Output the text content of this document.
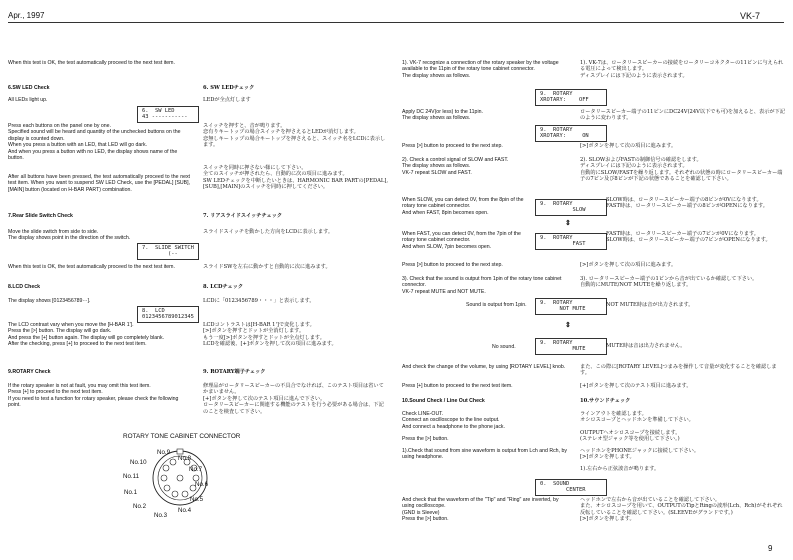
Apr., 1997	VK-7
When this test is OK, the test automatically proceed to the next test item.
6.SW LED Check	6. SW LEDチェック
All LEDs light up.	LEDが全点灯します
6.  SW LED
43 -----------
Press each buttons on the panel one by one.
Specified sound will be heard and quantity of the unchecked buttons on the display is counted down.
When you press a button with an LED, that LED will go dark.
And when you press a button with no LED, the display shows name of the button.
スイッチを押すと、音が鳴ります。
恋有りキートップの場合スイッチを押さえるとLEDが消灯します。
恋無しキートップの場合キートップを押さえると、スイッチ名をLCDに表示します。
After all buttons have been pressed, the test automatically proceed to the next test item. When you want to suspend SW LED Check, use the [PEDAL] [SUB], [MAIN] button (located on H-BAR PART) combination.
スイッチを同時に押さない様にして下さい。
全てのスイッチが押されたら、自動的に次の項目に進みます。
SW LEDチェックを中断したいときは、HARMONIC BAR PARTの[PEDAL],[SUB],[MAIN]のスイッチを同時に押してください。
7.Rear Slide Switch Check	7. リアスライドスイッチチェック
Move the slide switch from side to side.
The display shows point in the direction of the switch.
スライドスイッチを動かした方向をLCDに表示します。
7.  SLIDE SWITCH
(--
When this test is OK, the test automatically proceed to the next test item.	スライドSWを左右に動かすと自動的に次に進みます。
8.LCD Check	8. LCDチェック
The display shows [0123456789···].	LCDに「0123456789・・・」と表示します。
8.  LCD
0123456789012345
The LCD contrast vary when you move the [H-BAR 1'].
Press the [>] button. The display will go dark.
And press the [+] button again. The display will go completely blank.
After the checking, press [+] to proceed to the next test item.
LCDコントラストは[H-BAR 1']で変化します。
[>]ボタンを押すとドットが全消灯します。
もう一度[>]ボタンを押すとドットが全点灯します。
LCDを確認後、[+]ボタンを押して次の項目に進みます。
9.ROTARY Check	9. ROTARY端子チェック
If the rotary speaker is not at fault, you may omit this test item.
Press [+] to proceed to the next test item.
If you need to test a function for rotary speaker, please check the following point.
修理品がロータリースピーカーの不具合でなければ、このテスト項目は省いてかまいません。
[+]ボタンを押して次のテスト項目に進んで下さい。
ロータリースピーカーに関連する機能のテストを行う必要がある場合は、下記のことを検査して下さい。
ROTARY TONE CABINET CONNECTOR
No.9
No.8
No.10
No.7
No.11
No.6
No.1
No.5
No.2
No.4
No.3
1). VK-7 recognize a connection of the rotary speaker by the voltage available to the 11pin of the rotary tone cabinet connector.
The display shows as follows.
1). VK-7は、ロータリースピーカーの接続をロータリーコネクターの11ピンに与えられる電圧によって検出します。
ディスプレイには下記のように表示されます。
9.  ROTARY
XROTARY:    OFF
Apply DC 24V(or less) to the 11pin.
The display shows as follows.
ロータリースピーカー端子の11ピンにDC24V(24V以下でも可)を加えると、表示が下記のように変わります。
9.  ROTARY
XROTARY:     ON
Press [>] button to proceed to the next step.	[>]ボタンを押して次の項目に進みます。
2). Check a control signal of SLOW and FAST.
The display shows as follows.
VK-7 repeat SLOW and FAST.
2). SLOWおよびFASTの制御信号の確認をします。
ディスプレイには下記のように表示されます。
自動的にSLOW/FASTを繰り返します。それぞれの状態の時にロータリースピーカー端子の7ピン及び8ピンが下記の状態であることを確認して下さい。
When SLOW, you can detect 0V, from the 8pin of the rotary tone cabinet connector.
And when FAST, 8pin becomes open.
9.  ROTARY
SLOW
SLOW時は、ロータリースピーカー端子の8ピンが0Vになります。
FAST時は、ロータリースピーカー端子の8ピンがOPENになります。
⇕
When FAST, you can detect 0V, from the 7pin of the rotary tone cabinet connector.
And when SLOW, 7pin becomes open.
9.  ROTARY
FAST
FAST時は、ロータリースピーカー端子の7ピンが0Vになります。
SLOW時は、ロータリースピーカー端子の7ピンがOPENになります。
Press [>] button to proceed to the next step.	[>]ボタンを押して次の項目に進みます。
3). Check that the sound is output from 1pin of the rotary tone cabinet connector.
VK-7 repeat MUTE and NOT MUTE.
3). ロータリースピーカー端子の1ピンから音が出ているか確認して下さい。
自動的にMUTE/NOT MUTEを繰り返します。
Sound is output from 1pin.	9.  ROTARY
NOT MUTE
NOT MUTE時は音が出力されます。
⇕
No sound.
9.  ROTARY
MUTE
MUTE時は音は出力されません。
And check the change of the volume, by using [ROTARY LEVEL] knob.	また、この際に[ROTARY LEVEL]つまみを操作して音量が変化することを確認します。
Press [+] button to proceed to the next test item.	[+]ボタンを押して次のテスト項目に進みます。
10.Sound Check / Line Out Check	10.サウンドチェック
Check LINE-OUT.
Connect an oscilloscope to the line output.
And connect a headphone to the phone jack.
ラインアウトを確認します。
オシロスコープとヘッドホンを準備して下さい。
Press the [>] button.
OUTPUTへオシロスコープを接続します。
(ステレオ型ジャック等を使用して下さい。)
1).Check that sound from sine waveform is output from Lch and Rch, by using headphone.
ヘッドホンをPHONEジャックに接続して下さい。
[>]ボタンを押します。
1).左右から正弦波音が鳴ります。
0.  SOUND
CENTER
And check that the waveform of the "Tip" and "Ring" are inverted, by using oscilloscope.
(GND is Sleeve)
Press the [>] button.
ヘッドホンで左右から音が出ていることを確認して下さい。
また、オシロスコープを用いて、OUTPUTのTipとRingの波形(Lch、Rch)がそれぞれ反転していることを確認して下さい。(SLEEVEがグランドです。)
[>]ボタンを押します。
9
